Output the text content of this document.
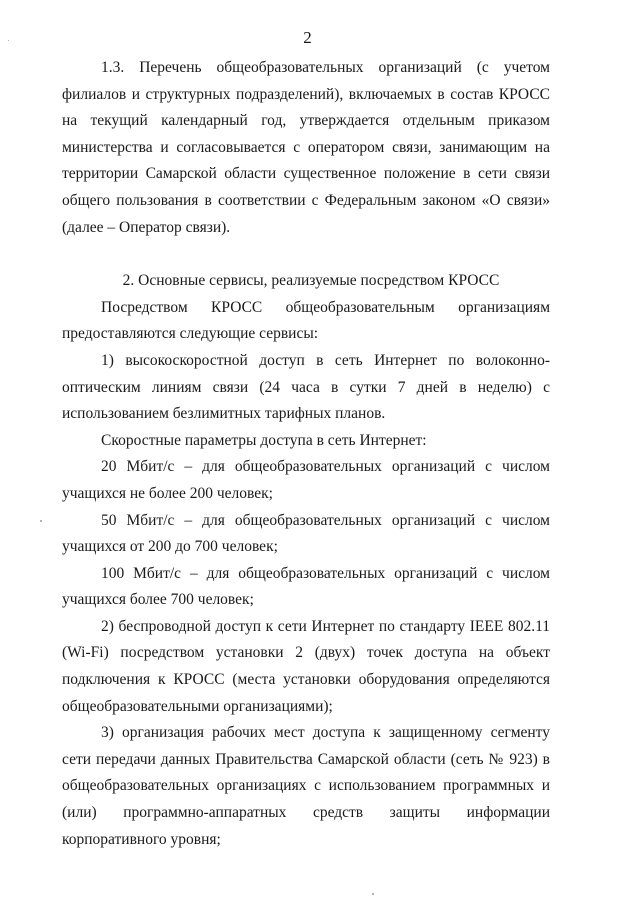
2

1.3. Перечень общеобразовательных организаций (с учетом филиалов и структурных подразделений), включаемых в состав КРОСС на текущий календарный год, утверждается отдельным приказом министерства и согласовывается с оператором связи, занимающим на территории Самарской области существенное положение в сети связи общего пользования в соответствии с Федеральным законом «О связи» (далее – Оператор связи).

2. Основные сервисы, реализуемые посредством КРОСС

Посредством КРОСС общеобразовательным организациям предоставляются следующие сервисы:

1) высокоскоростной доступ в сеть Интернет по волоконно-оптическим линиям связи (24 часа в сутки 7 дней в неделю) с использованием безлимитных тарифных планов.

Скоростные параметры доступа в сеть Интернет:

20 Мбит/с – для общеобразовательных организаций с числом учащихся не более 200 человек;

50 Мбит/с – для общеобразовательных организаций с числом учащихся от 200 до 700 человек;

100 Мбит/с – для общеобразовательных организаций с числом учащихся более 700 человек;

2) беспроводной доступ к сети Интернет по стандарту IEEE 802.11 (Wi-Fi) посредством установки 2 (двух) точек доступа на объект подключения к КРОСС (места установки оборудования определяются общеобразовательными организациями);

3) организация рабочих мест доступа к защищенному сегменту сети передачи данных Правительства Самарской области (сеть № 923) в общеобразовательных организациях с использованием программных и (или) программно-аппаратных средств защиты информации корпоративного уровня;
